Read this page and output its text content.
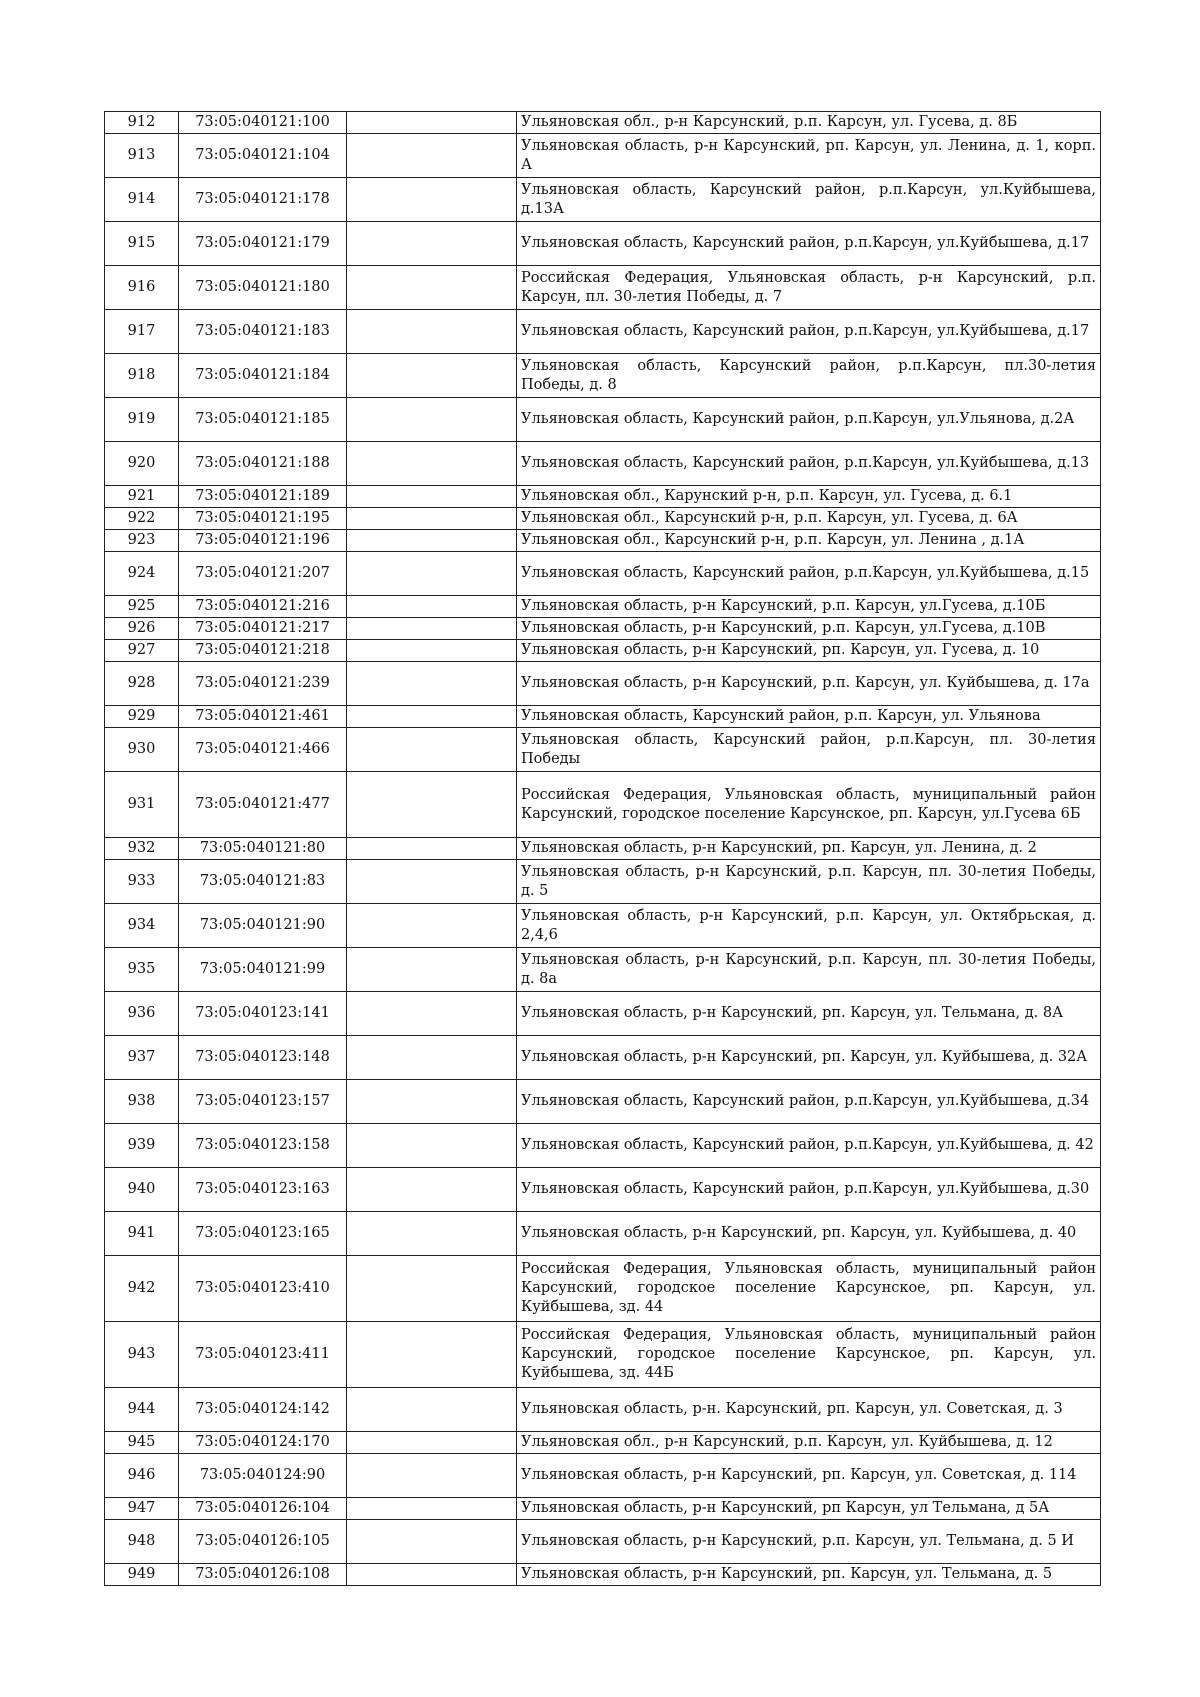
912	73:05:040121:100		Ульяновская обл., р-н Карсунский, р.п. Карсун, ул. Гусева, д. 8Б
913	73:05:040121:104		Ульяновская область, р-н Карсунский, рп. Карсун, ул. Ленина, д. 1, корп. А
914	73:05:040121:178		Ульяновская область, Карсунский район, р.п.Карсун, ул.Куйбышева, д.13А
915	73:05:040121:179		Ульяновская область, Карсунский район, р.п.Карсун, ул.Куйбышева, д.17
916	73:05:040121:180		Российская Федерация, Ульяновская область, р-н Карсунский, р.п. Карсун, пл. 30-летия Победы, д. 7
917	73:05:040121:183		Ульяновская область, Карсунский район, р.п.Карсун, ул.Куйбышева, д.17
918	73:05:040121:184		Ульяновская область, Карсунский район, р.п.Карсун, пл.30-летия Победы, д. 8
919	73:05:040121:185		Ульяновская область, Карсунский район, р.п.Карсун, ул.Ульянова, д.2А
920	73:05:040121:188		Ульяновская область, Карсунский район, р.п.Карсун, ул.Куйбышева, д.13
921	73:05:040121:189		Ульяновская обл., Карунский р-н, р.п. Карсун, ул. Гусева, д. 6.1
922	73:05:040121:195		Ульяновская обл., Карсунский р-н, р.п. Карсун, ул. Гусева, д. 6А
923	73:05:040121:196		Ульяновская обл., Карсунский р-н, р.п. Карсун, ул. Ленина , д.1А
924	73:05:040121:207		Ульяновская область, Карсунский район, р.п.Карсун, ул.Куйбышева, д.15
925	73:05:040121:216		Ульяновская область, р-н Карсунский, р.п. Карсун, ул.Гусева, д.10Б
926	73:05:040121:217		Ульяновская область, р-н Карсунский, р.п. Карсун, ул.Гусева, д.10В
927	73:05:040121:218		Ульяновская область, р-н Карсунский, рп. Карсун, ул. Гусева, д. 10
928	73:05:040121:239		Ульяновская область, р-н Карсунский, р.п. Карсун, ул. Куйбышева, д. 17а
929	73:05:040121:461		Ульяновская область, Карсунский район, р.п. Карсун, ул. Ульянова
930	73:05:040121:466		Ульяновская область, Карсунский район, р.п.Карсун, пл. 30-летия Победы
931	73:05:040121:477		Российская Федерация, Ульяновская область, муниципальный район Карсунский, городское поселение Карсунское, рп. Карсун, ул.Гусева 6Б
932	73:05:040121:80		Ульяновская область, р-н Карсунский, рп. Карсун, ул. Ленина, д. 2
933	73:05:040121:83		Ульяновская область, р-н Карсунский, р.п. Карсун, пл. 30-летия Победы, д. 5
934	73:05:040121:90		Ульяновская область, р-н Карсунский, р.п. Карсун, ул. Октябрьская, д. 2,4,6
935	73:05:040121:99		Ульяновская область, р-н Карсунский, р.п. Карсун, пл. 30-летия Победы, д. 8а
936	73:05:040123:141		Ульяновская область, р-н Карсунский, рп. Карсун, ул. Тельмана, д. 8А
937	73:05:040123:148		Ульяновская область, р-н Карсунский, рп. Карсун, ул. Куйбышева, д. 32А
938	73:05:040123:157		Ульяновская область, Карсунский район, р.п.Карсун, ул.Куйбышева, д.34
939	73:05:040123:158		Ульяновская область, Карсунский район, р.п.Карсун, ул.Куйбышева, д. 42
940	73:05:040123:163		Ульяновская область, Карсунский район, р.п.Карсун, ул.Куйбышева, д.30
941	73:05:040123:165		Ульяновская область, р-н Карсунский, рп. Карсун, ул. Куйбышева, д. 40
942	73:05:040123:410		Российская Федерация, Ульяновская область, муниципальный район Карсунский, городское поселение Карсунское, рп. Карсун, ул. Куйбышева, зд. 44
943	73:05:040123:411		Российская Федерация, Ульяновская область, муниципальный район Карсунский, городское поселение Карсунское, рп. Карсун, ул. Куйбышева, зд. 44Б
944	73:05:040124:142		Ульяновская область, р-н. Карсунский, рп. Карсун, ул. Советская, д. 3
945	73:05:040124:170		Ульяновская обл., р-н Карсунский, р.п. Карсун, ул. Куйбышева, д. 12
946	73:05:040124:90		Ульяновская область, р-н Карсунский, рп. Карсун, ул. Советская, д. 114
947	73:05:040126:104		Ульяновская область, р-н Карсунский, рп Карсун, ул Тельмана, д 5А
948	73:05:040126:105		Ульяновская область, р-н Карсунский, р.п. Карсун, ул. Тельмана, д. 5 И
949	73:05:040126:108		Ульяновская область, р-н Карсунский, рп. Карсун, ул. Тельмана, д. 5
